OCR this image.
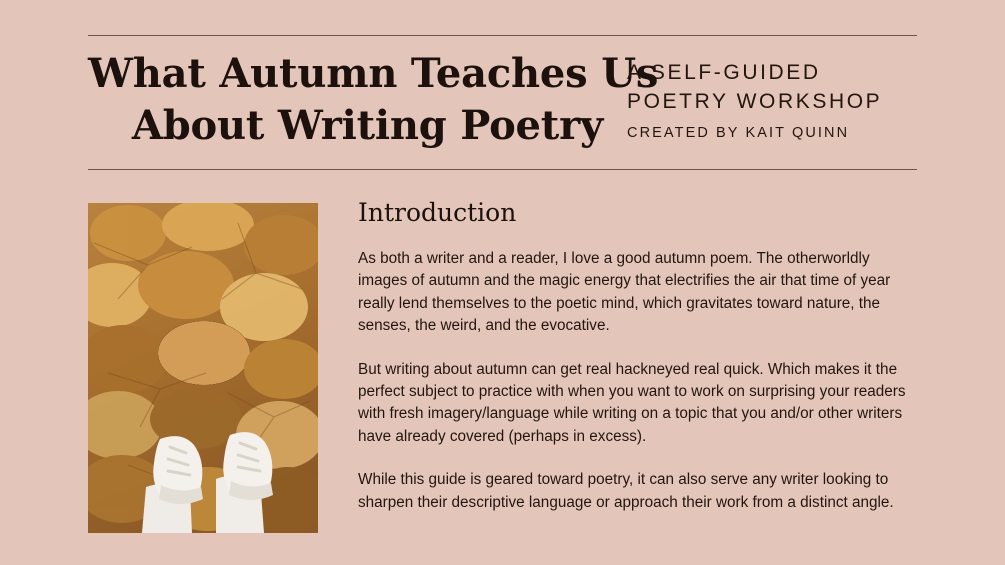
What Autumn Teaches Us
About Writing Poetry
A SELF-GUIDED
POETRY WORKSHOP
CREATED BY KAIT QUINN
Introduction

As both a writer and a reader, I love a good autumn poem. The otherworldly images of autumn and the magic energy that electrifies the air that time of year really lend themselves to the poetic mind, which gravitates toward nature, the senses, the weird, and the evocative.

But writing about autumn can get real hackneyed real quick. Which makes it the perfect subject to practice with when you want to work on surprising your readers with fresh imagery/language while writing on a topic that you and/or other writers have already covered (perhaps in excess).

While this guide is geared toward poetry, it can also serve any writer looking to sharpen their descriptive language or approach their work from a distinct angle.
